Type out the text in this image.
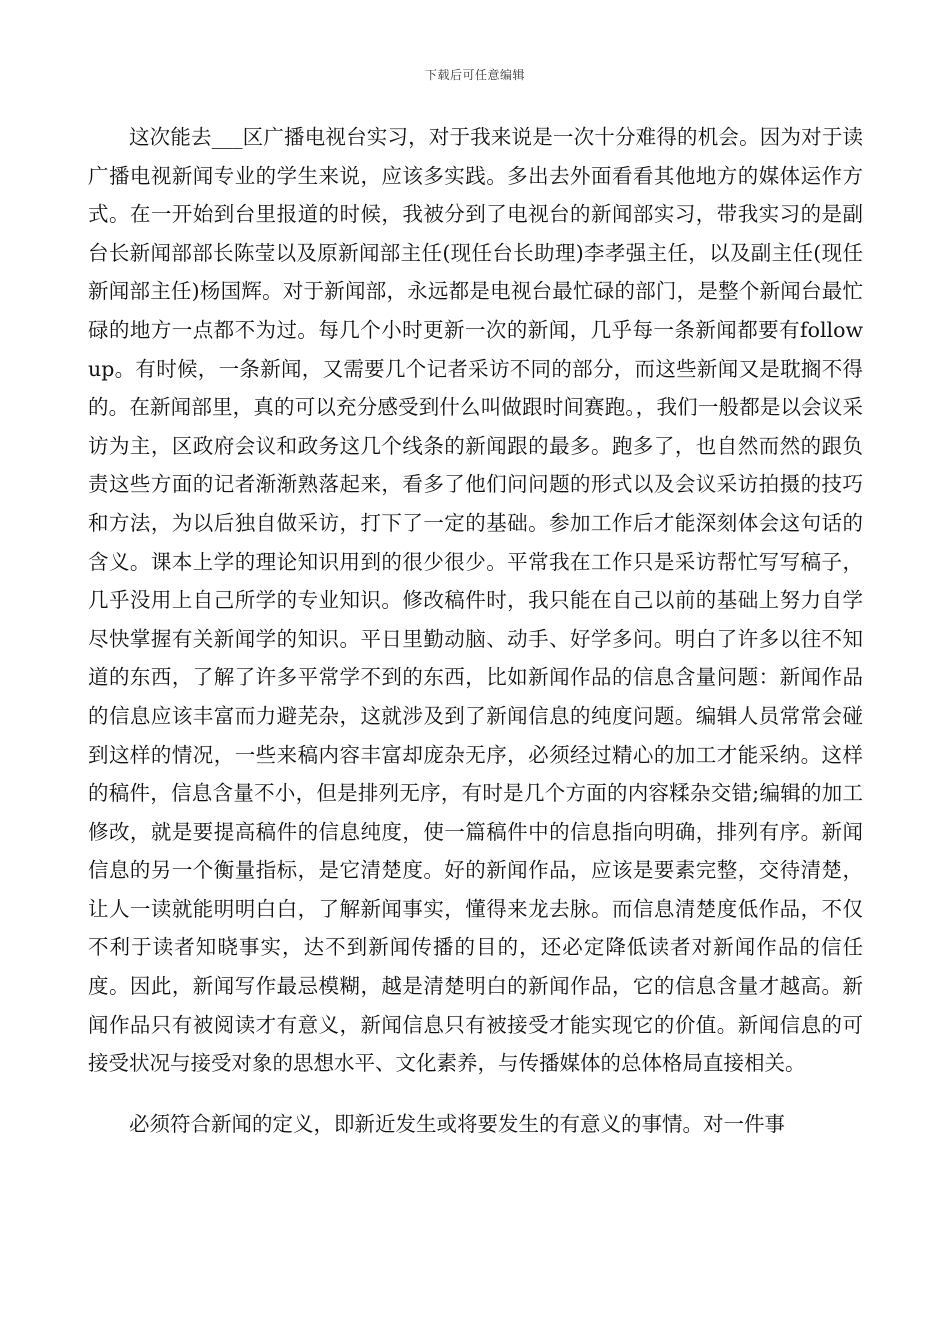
下载后可任意编辑

这次能去___区广播电视台实习，对于我来说是一次十分难得的机会。因为对于读广播电视新闻专业的学生来说，应该多实践。多出去外面看看其他地方的媒体运作方式。在一开始到台里报道的时候，我被分到了电视台的新闻部实习，带我实习的是副台长新闻部部长陈莹以及原新闻部主任(现任台长助理)李孝强主任，以及副主任(现任新闻部主任)杨国辉。对于新闻部，永远都是电视台最忙碌的部门，是整个新闻台最忙碌的地方一点都不为过。每几个小时更新一次的新闻，几乎每一条新闻都要有follow up。有时候，一条新闻，又需要几个记者采访不同的部分，而这些新闻又是耽搁不得的。在新闻部里，真的可以充分感受到什么叫做跟时间赛跑。，我们一般都是以会议采访为主，区政府会议和政务这几个线条的新闻跟的最多。跑多了，也自然而然的跟负责这些方面的记者渐渐熟落起来，看多了他们问问题的形式以及会议采访拍摄的技巧和方法，为以后独自做采访，打下了一定的基础。参加工作后才能深刻体会这句话的含义。课本上学的理论知识用到的很少很少。平常我在工作只是采访帮忙写写稿子，几乎没用上自己所学的专业知识。修改稿件时，我只能在自己以前的基础上努力自学尽快掌握有关新闻学的知识。平日里勤动脑、动手、好学多问。明白了许多以往不知道的东西，了解了许多平常学不到的东西，比如新闻作品的信息含量问题：新闻作品的信息应该丰富而力避芜杂，这就涉及到了新闻信息的纯度问题。编辑人员常常会碰到这样的情况，一些来稿内容丰富却庞杂无序，必须经过精心的加工才能采纳。这样的稿件，信息含量不小，但是排列无序，有时是几个方面的内容糅杂交错;编辑的加工修改，就是要提高稿件的信息纯度，使一篇稿件中的信息指向明确，排列有序。新闻信息的另一个衡量指标，是它清楚度。好的新闻作品，应该是要素完整，交待清楚，让人一读就能明明白白，了解新闻事实，懂得来龙去脉。而信息清楚度低作品，不仅不利于读者知晓事实，达不到新闻传播的目的，还必定降低读者对新闻作品的信任度。因此，新闻写作最忌模糊，越是清楚明白的新闻作品，它的信息含量才越高。新闻作品只有被阅读才有意义，新闻信息只有被接受才能实现它的价值。新闻信息的可接受状况与接受对象的思想水平、文化素养，与传播媒体的总体格局直接相关。

必须符合新闻的定义，即新近发生或将要发生的有意义的事情。对一件事
